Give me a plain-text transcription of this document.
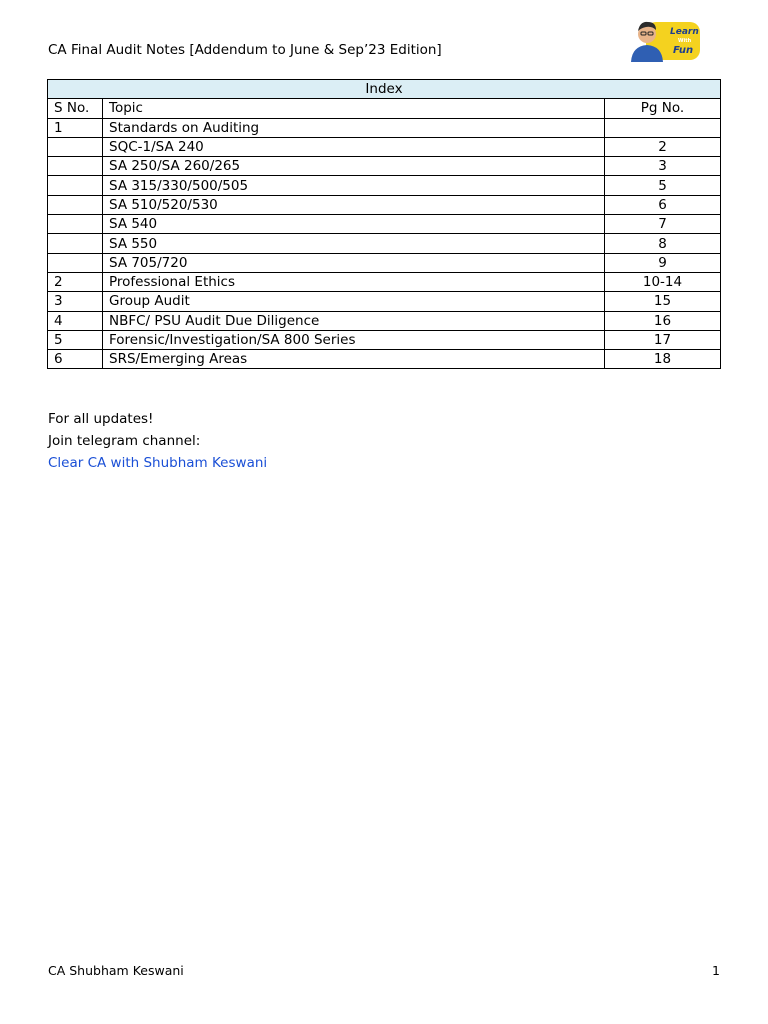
CA Final Audit Notes [Addendum to June & Sep’23 Edition]
Learn
With
Fun
Index		
S No.	Topic	Pg No.
1	Standards on Auditing	
	SQC-1/SA 240	2
	SA 250/SA 260/265	3
	SA 315/330/500/505	5
	SA 510/520/530	6
	SA 540	7
	SA 550	8
	SA 705/720	9
2	Professional Ethics	10-14
3	Group Audit	15
4	NBFC/ PSU Audit Due Diligence	16
5	Forensic/Investigation/SA 800 Series	17
6	SRS/Emerging Areas	18
For all updates!
Join telegram channel:
Clear CA with Shubham Keswani
CA Shubham Keswani	1
